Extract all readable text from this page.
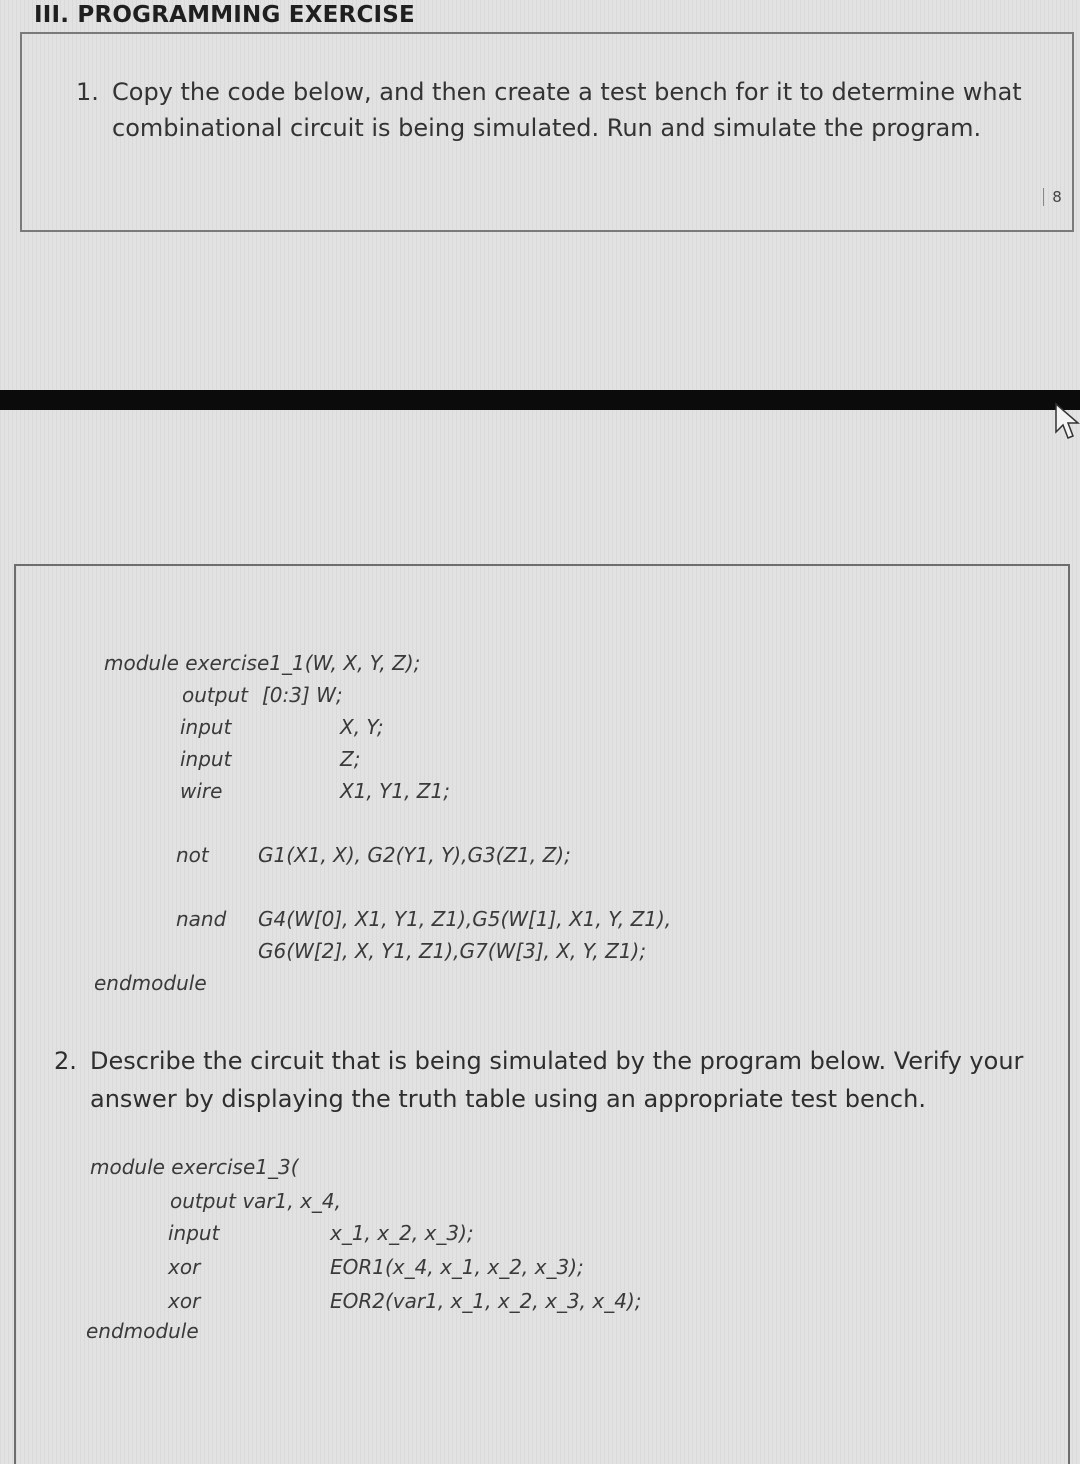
III. PROGRAMMING EXERCISE
1. Copy the code below, and then create a test bench for it to determine what combinational circuit is being simulated. Run and simulate the program.
8
module exercise1_1(W, X, Y, Z);
output [0:3] W;
input	X, Y;
input	Z;
wire	X1, Y1, Z1;
not G1(X1, X), G2(Y1, Y),G3(Z1, Z);
nand G4(W[0], X1, Y1, Z1),G5(W[1], X1, Y, Z1),
G6(W[2], X, Y1, Z1),G7(W[3], X, Y, Z1);
endmodule
2. Describe the circuit that is being simulated by the program below. Verify your answer by displaying the truth table using an appropriate test bench.
module exercise1_3(
output var1, x_4,
input	x_1, x_2, x_3);
xor	EOR1(x_4, x_1, x_2, x_3);
xor	EOR2(var1, x_1, x_2, x_3, x_4);
endmodule
